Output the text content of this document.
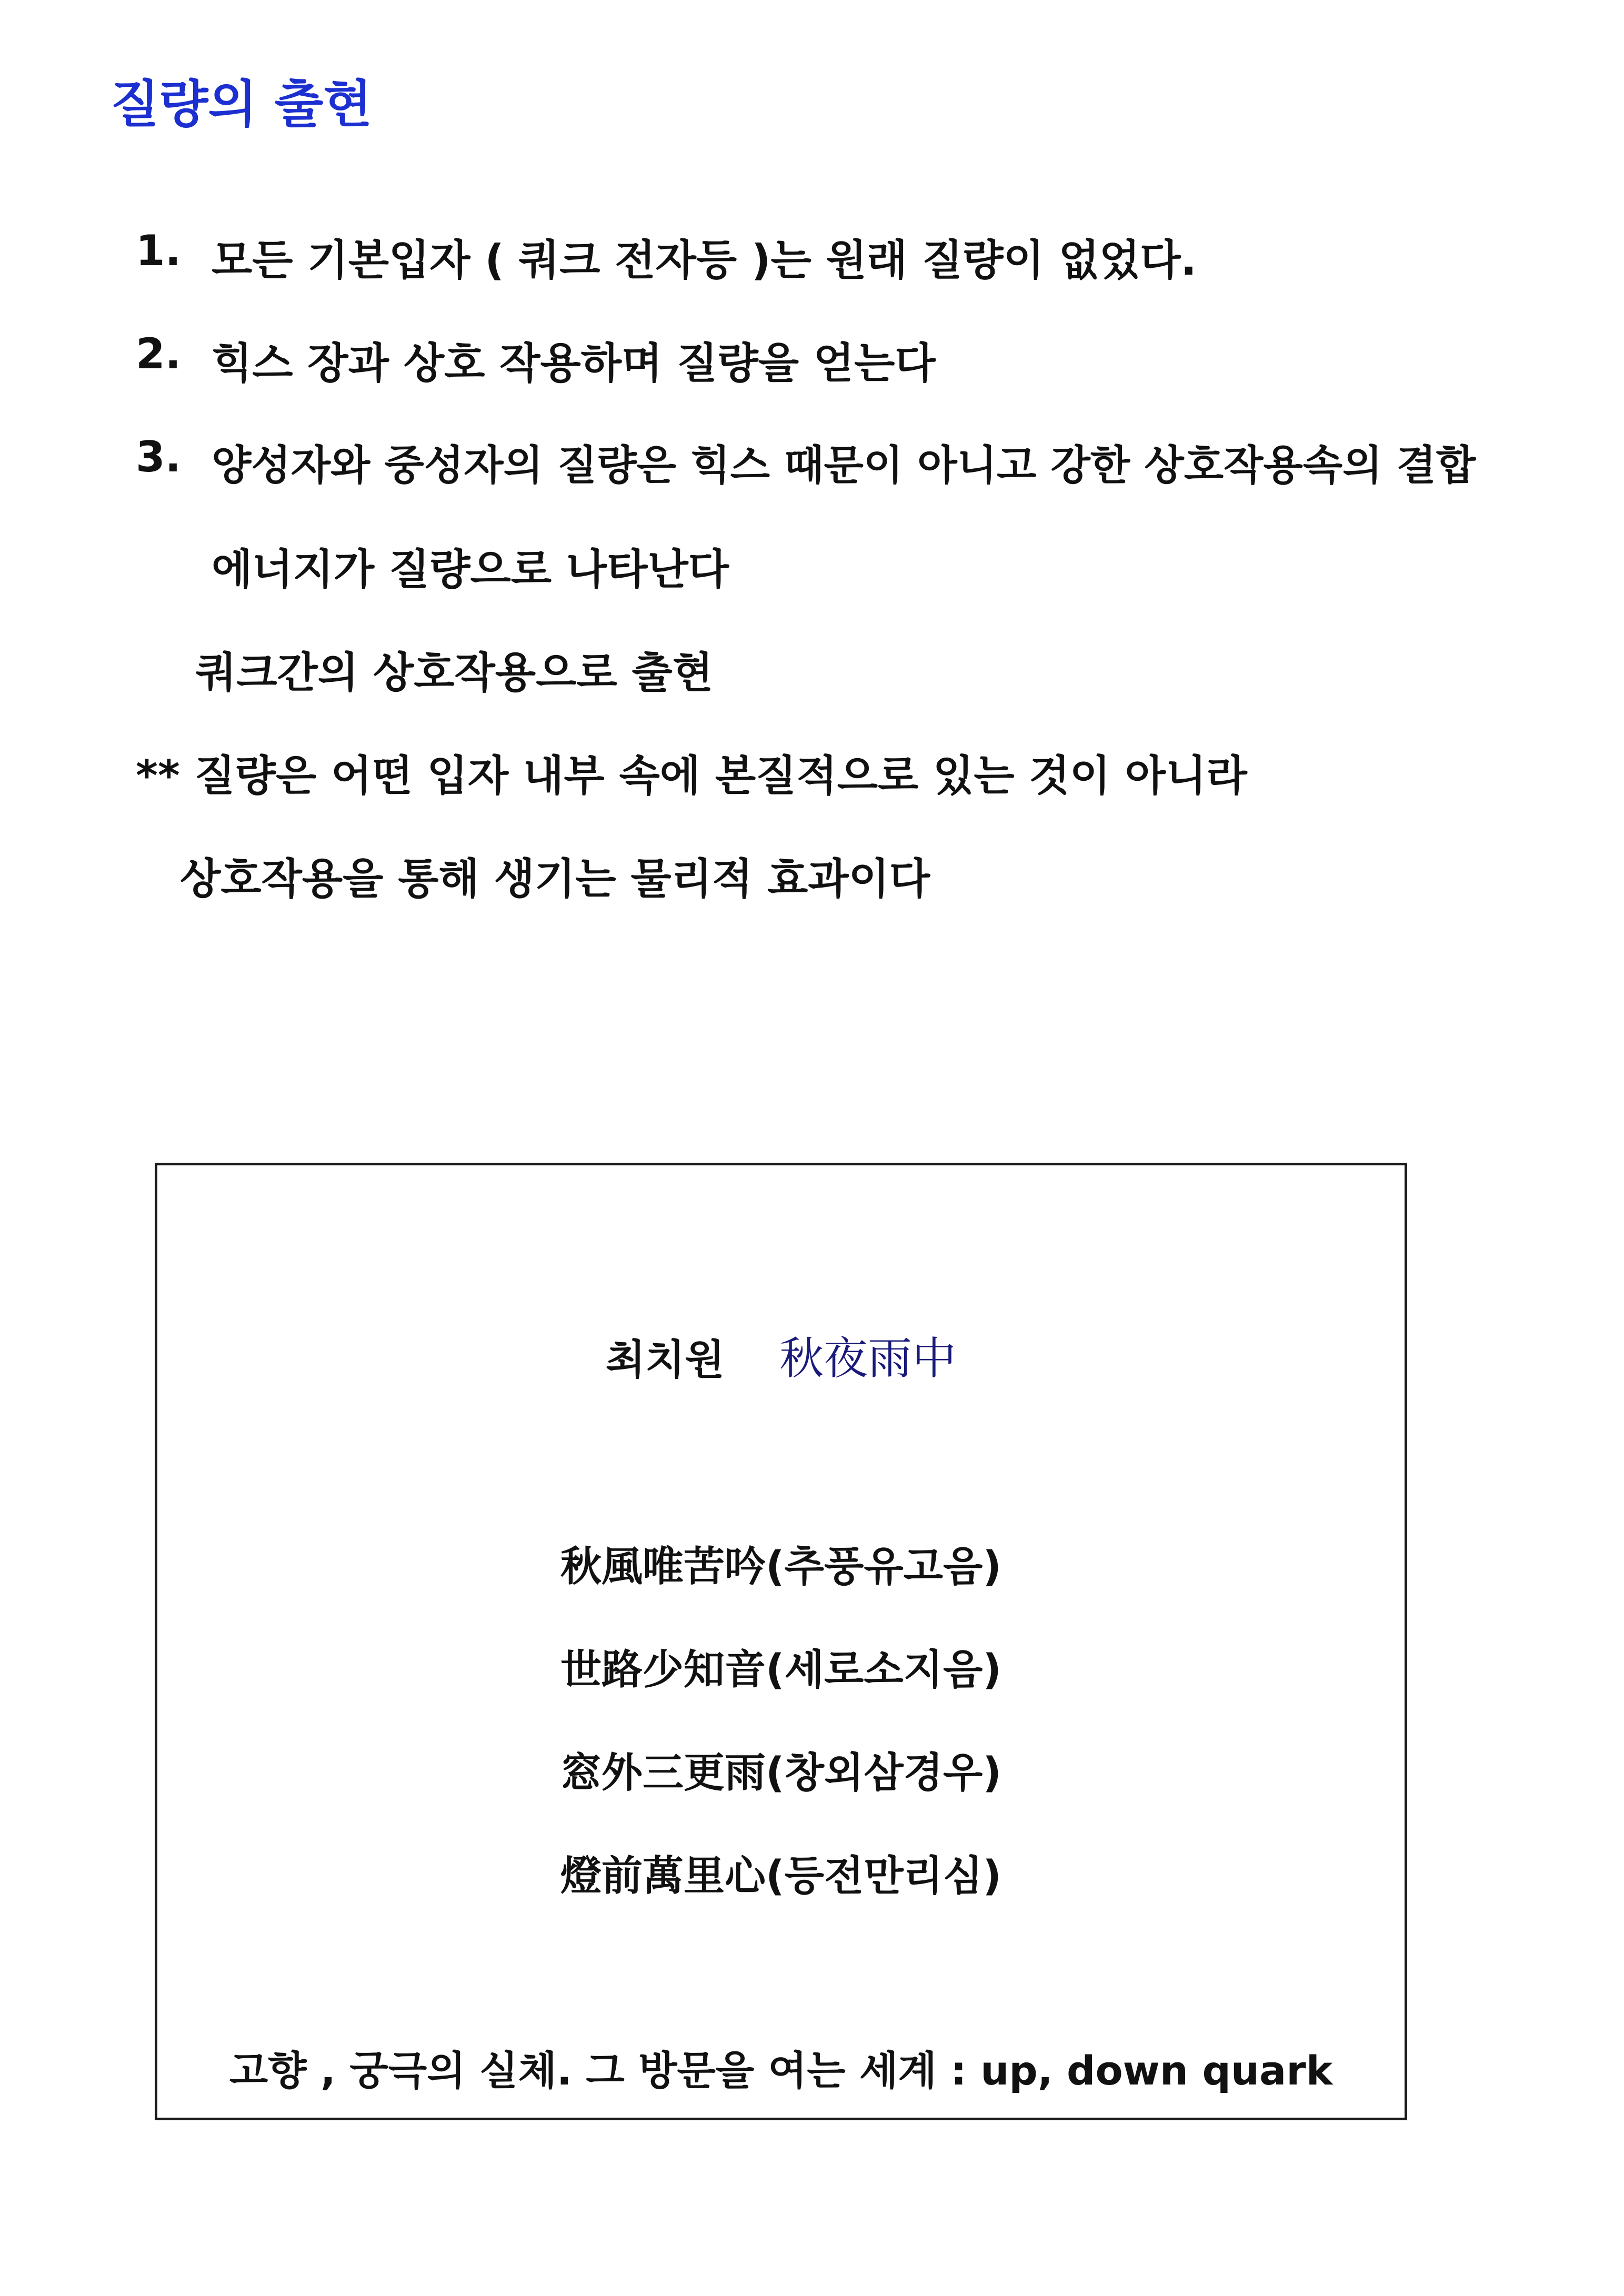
질량의 출현
1. 모든 기본입자 ( 쿼크 전자등 )는 원래 질량이 없었다.
2. 힉스 장과 상호 작용하며 질량을 얻는다
3. 양성자와 중성자의 질량은 힉스 때문이 아니고 강한 상호작용속의 결합
에너지가 질량으로 나타난다
쿼크간의 상호작용으로 출현
** 질량은 어떤 입자 내부 속에 본질적으로 있는 것이 아니라
상호작용을 통해 생기는 물리적 효과이다
최치원 秋夜雨中
秋風唯苦吟(추풍유고음)
世路少知音(세로소지음)
窓外三更雨(창외삼경우)
燈前萬里心(등전만리심)
고향 , 궁극의 실체. 그 방문을 여는 세계 : up, down quark
